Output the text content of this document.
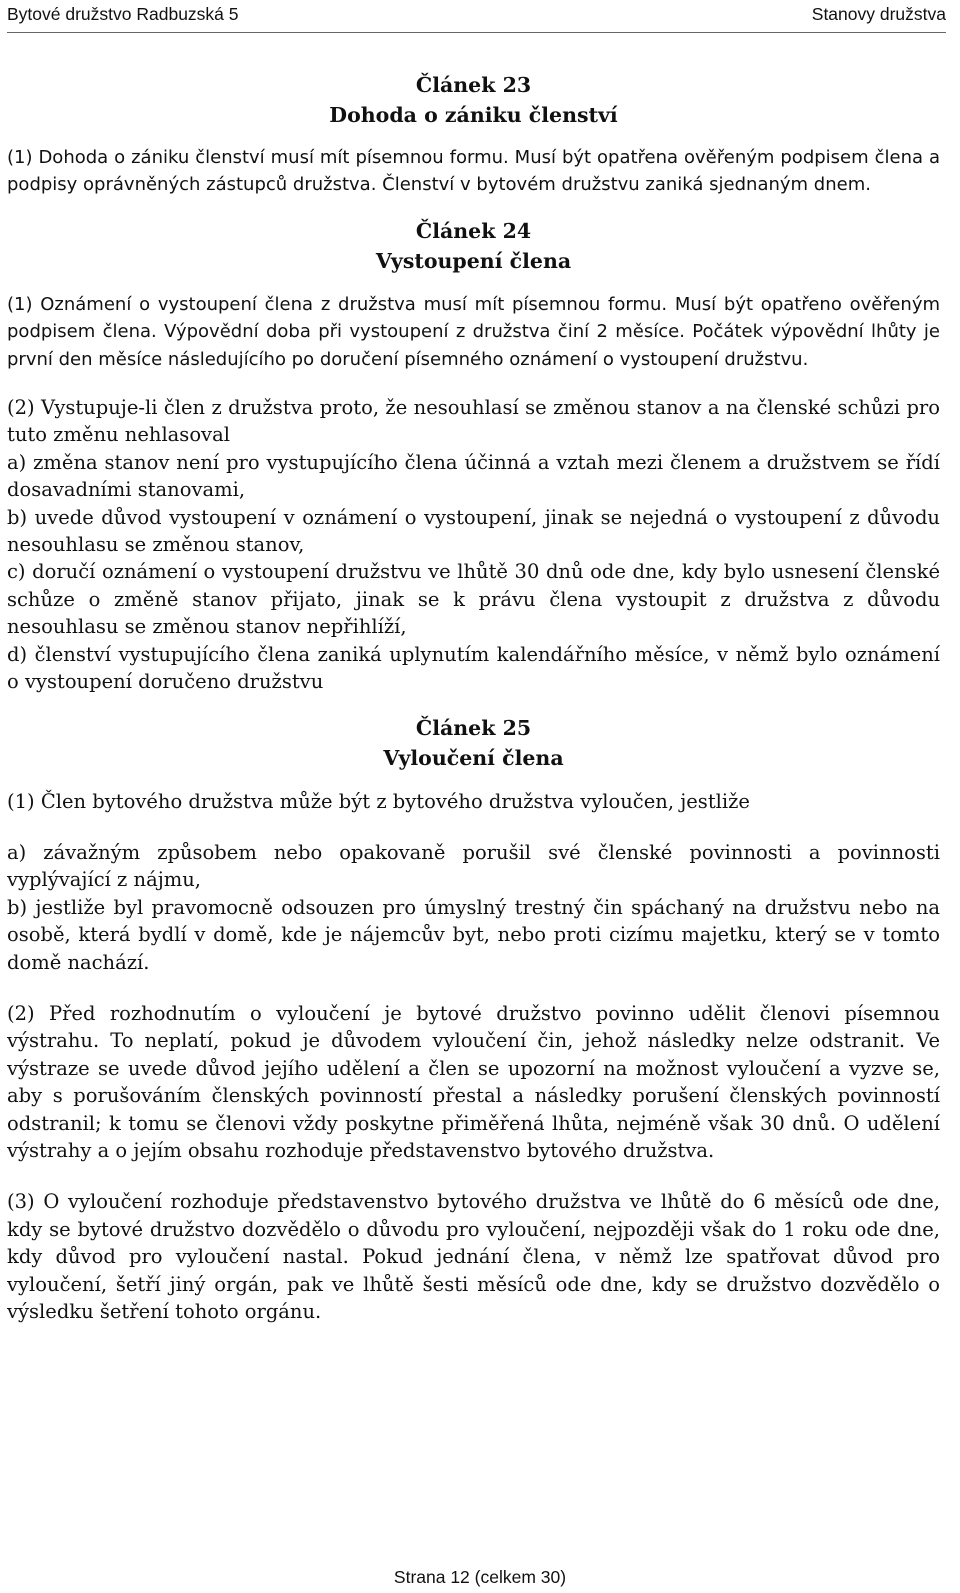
Bytové družstvo Radbuzská 5	Stanovy družstva
Článek 23
Dohoda o zániku členství

(1) Dohoda o zániku členství musí mít písemnou formu. Musí být opatřena ověřeným podpisem člena a podpisy oprávněných zástupců družstva. Členství v bytovém družstvu zaniká sjednaným dnem.

Článek 24
Vystoupení člena

(1) Oznámení o vystoupení člena z družstva musí mít písemnou formu. Musí být opatřeno ověřeným podpisem člena. Výpovědní doba při vystoupení z družstva činí 2 měsíce. Počátek výpovědní lhůty je první den měsíce následujícího po doručení písemného oznámení o vystoupení družstvu.

(2) Vystupuje-li člen z družstva proto, že nesouhlasí se změnou stanov a na členské schůzi pro tuto změnu nehlasoval

a) změna stanov není pro vystupujícího člena účinná a vztah mezi členem a družstvem se řídí dosavadními stanovami,

b) uvede důvod vystoupení v oznámení o vystoupení, jinak se nejedná o vystoupení z důvodu nesouhlasu se změnou stanov,

c) doručí oznámení o vystoupení družstvu ve lhůtě 30 dnů ode dne, kdy bylo usnesení členské schůze o změně stanov přijato, jinak se k právu člena vystoupit z družstva z důvodu nesouhlasu se změnou stanov nepřihlíží,

d) členství vystupujícího člena zaniká uplynutím kalendářního měsíce, v němž bylo oznámení o vystoupení doručeno družstvu

Článek 25
Vyloučení člena

(1) Člen bytového družstva může být z bytového družstva vyloučen, jestliže

a) závažným způsobem nebo opakovaně porušil své členské povinnosti a povinnosti vyplývající z nájmu,

b) jestliže byl pravomocně odsouzen pro úmyslný trestný čin spáchaný na družstvu nebo na osobě, která bydlí v domě, kde je nájemcův byt, nebo proti cizímu majetku, který se v tomto domě nachází.

(2) Před rozhodnutím o vyloučení je bytové družstvo povinno udělit členovi písemnou výstrahu. To neplatí, pokud je důvodem vyloučení čin, jehož následky nelze odstranit. Ve výstraze se uvede důvod jejího udělení a člen se upozorní na možnost vyloučení a vyzve se, aby s porušováním členských povinností přestal a následky porušení členských povinností odstranil; k tomu se členovi vždy poskytne přiměřená lhůta, nejméně však 30 dnů. O udělení výstrahy a o jejím obsahu rozhoduje představenstvo bytového družstva.

(3) O vyloučení rozhoduje představenstvo bytového družstva ve lhůtě do 6 měsíců ode dne, kdy se bytové družstvo dozvědělo o důvodu pro vyloučení, nejpozději však do 1 roku ode dne, kdy důvod pro vyloučení nastal. Pokud jednání člena, v němž lze spatřovat důvod pro vyloučení, šetří jiný orgán, pak ve lhůtě šesti měsíců ode dne, kdy se družstvo dozvědělo o výsledku šetření tohoto orgánu.

Strana 12 (celkem 30)
